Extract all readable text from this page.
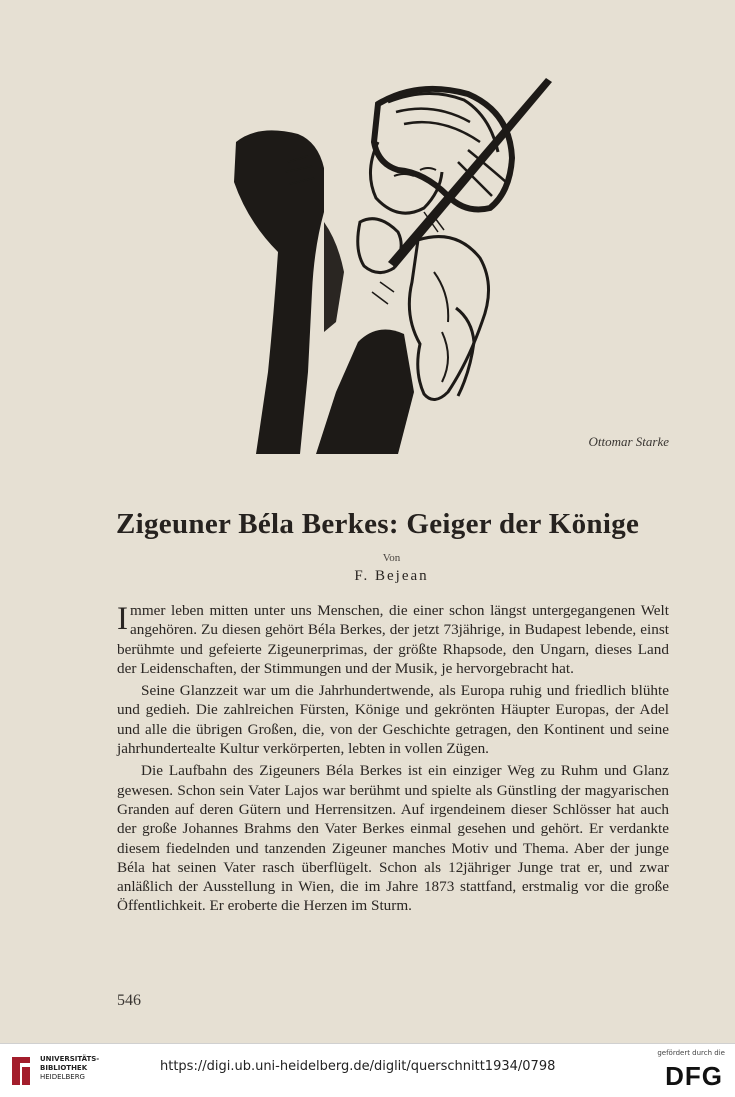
Ottomar Starke
Zigeuner Béla Berkes: Geiger der Könige
Von
F. Bejean

Immer leben mitten unter uns Menschen, die einer schon längst untergegangenen Welt angehören. Zu diesen gehört Béla Berkes, der jetzt 73jährige, in Budapest lebende, einst berühmte und gefeierte Zigeunerprimas, der größte Rhapsode, den Ungarn, dieses Land der Leidenschaften, der Stimmungen und der Musik, je hervorgebracht hat.

Seine Glanzzeit war um die Jahrhundertwende, als Europa ruhig und friedlich blühte und gedieh. Die zahlreichen Fürsten, Könige und gekrönten Häupter Europas, der Adel und alle die übrigen Großen, die, von der Geschichte getragen, den Kontinent und seine jahrhundertealte Kultur verkörperten, lebten in vollen Zügen.

Die Laufbahn des Zigeuners Béla Berkes ist ein einziger Weg zu Ruhm und Glanz gewesen. Schon sein Vater Lajos war berühmt und spielte als Günstling der magyarischen Granden auf deren Gütern und Herrensitzen. Auf irgendeinem dieser Schlösser hat auch der große Johannes Brahms den Vater Berkes einmal gesehen und gehört. Er verdankte diesem fiedelnden und tanzenden Zigeuner manches Motiv und Thema. Aber der junge Béla hat seinen Vater rasch überflügelt. Schon als 12jähriger Junge trat er, und zwar anläßlich der Ausstellung in Wien, die im Jahre 1873 stattfand, erstmalig vor die große Öffentlichkeit. Er eroberte die Herzen im Sturm.

546
UNIVERSITÄTS-
BIBLIOTHEK
HEIDELBERG
https://digi.ub.uni-heidelberg.de/diglit/querschnitt1934/0798
gefördert durch die
DFG
